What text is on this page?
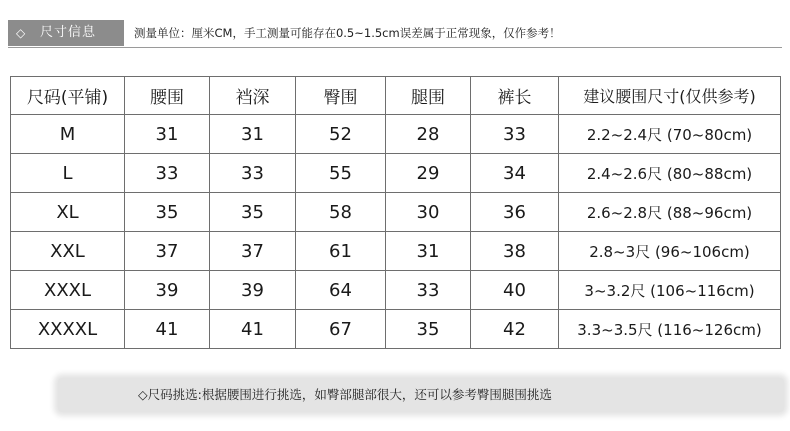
◇ 尺寸信息	测量单位：厘米CM，手工测量可能存在0.5~1.5cm误差属于正常现象，仅作参考！
尺码(平铺)	腰围	裆深	臀围	腿围	裤长	建议腰围尺寸(仅供参考)
M	31	31	52	28	33	2.2~2.4尺 (70~80cm)
L	33	33	55	29	34	2.4~2.6尺 (80~88cm)
XL	35	35	58	30	36	2.6~2.8尺 (88~96cm)
XXL	37	37	61	31	38	2.8~3尺 (96~106cm)
XXXL	39	39	64	33	40	3~3.2尺 (106~116cm)
XXXXL	41	41	67	35	42	3.3~3.5尺 (116~126cm)
◇尺码挑选:根据腰围进行挑选，如臀部腿部很大，还可以参考臀围腿围挑选
